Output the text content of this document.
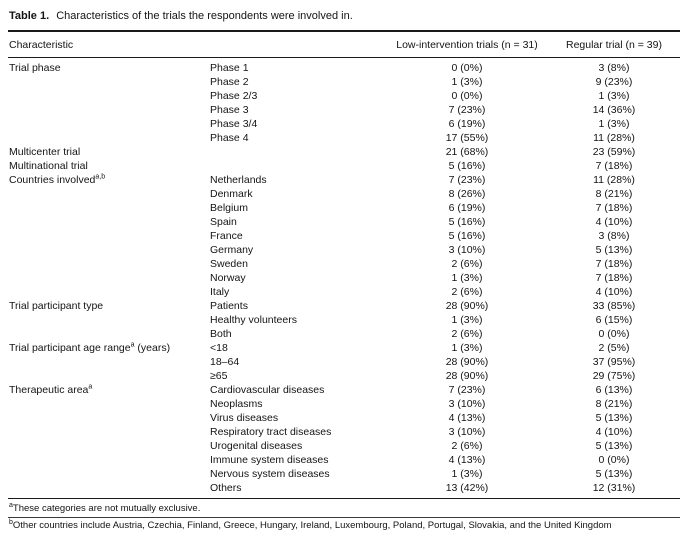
Table 1. Characteristics of the trials the respondents were involved in.
Characteristic		Low-intervention trials (n = 31)	Regular trial (n = 39)
Trial phase	Phase 1	0 (0%)	3 (8%)
	Phase 2	1 (3%)	9 (23%)
	Phase 2/3	0 (0%)	1 (3%)
	Phase 3	7 (23%)	14 (36%)
	Phase 3/4	6 (19%)	1 (3%)
	Phase 4	17 (55%)	11 (28%)
Multicenter trial		21 (68%)	23 (59%)
Multinational trial		5 (16%)	7 (18%)
Countries involved$^{a,b}$	Netherlands	7 (23%)	11 (28%)
	Denmark	8 (26%)	8 (21%)
	Belgium	6 (19%)	7 (18%)
	Spain	5 (16%)	4 (10%)
	France	5 (16%)	3 (8%)
	Germany	3 (10%)	5 (13%)
	Sweden	2 (6%)	7 (18%)
	Norway	1 (3%)	7 (18%)
	Italy	2 (6%)	4 (10%)
Trial participant type	Patients	28 (90%)	33 (85%)
	Healthy volunteers	1 (3%)	6 (15%)
	Both	2 (6%)	0 (0%)
Trial participant age range$^a$ (years)	<18	1 (3%)	2 (5%)
	18–64	28 (90%)	37 (95%)
	≥65	28 (90%)	29 (75%)
Therapeutic area$^a$	Cardiovascular diseases	7 (23%)	6 (13%)
	Neoplasms	3 (10%)	8 (21%)
	Virus diseases	4 (13%)	5 (13%)
	Respiratory tract diseases	3 (10%)	4 (10%)
	Urogenital diseases	2 (6%)	5 (13%)
	Immune system diseases	4 (13%)	0 (0%)
	Nervous system diseases	1 (3%)	5 (13%)
	Others	13 (42%)	12 (31%)
$^a$These categories are not mutually exclusive.
$^b$Other countries include Austria, Czechia, Finland, Greece, Hungary, Ireland, Luxembourg, Poland, Portugal, Slovakia, and the United Kingdom
